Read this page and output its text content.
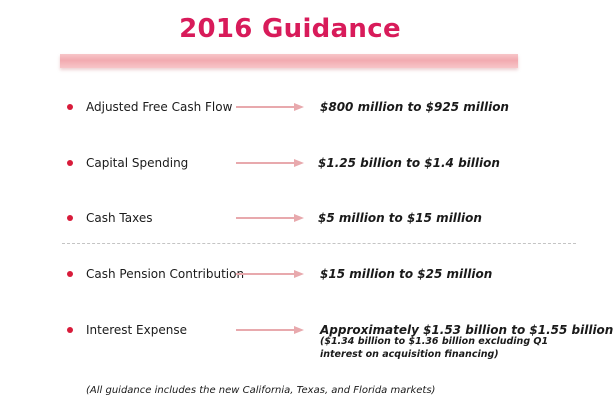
2016 Guidance
Adjusted Free Cash Flow	$800 million to $925 million
Capital Spending	$1.25 billion to $1.4 billion
Cash Taxes	$5 million to $15 million
Cash Pension Contribution	$15 million to $25 million
Interest Expense	Approximately $1.53 billion to $1.55 billion
($1.34 billion to $1.36 billion excluding Q1
interest on acquisition financing)
(All guidance includes the new California, Texas, and Florida markets)
